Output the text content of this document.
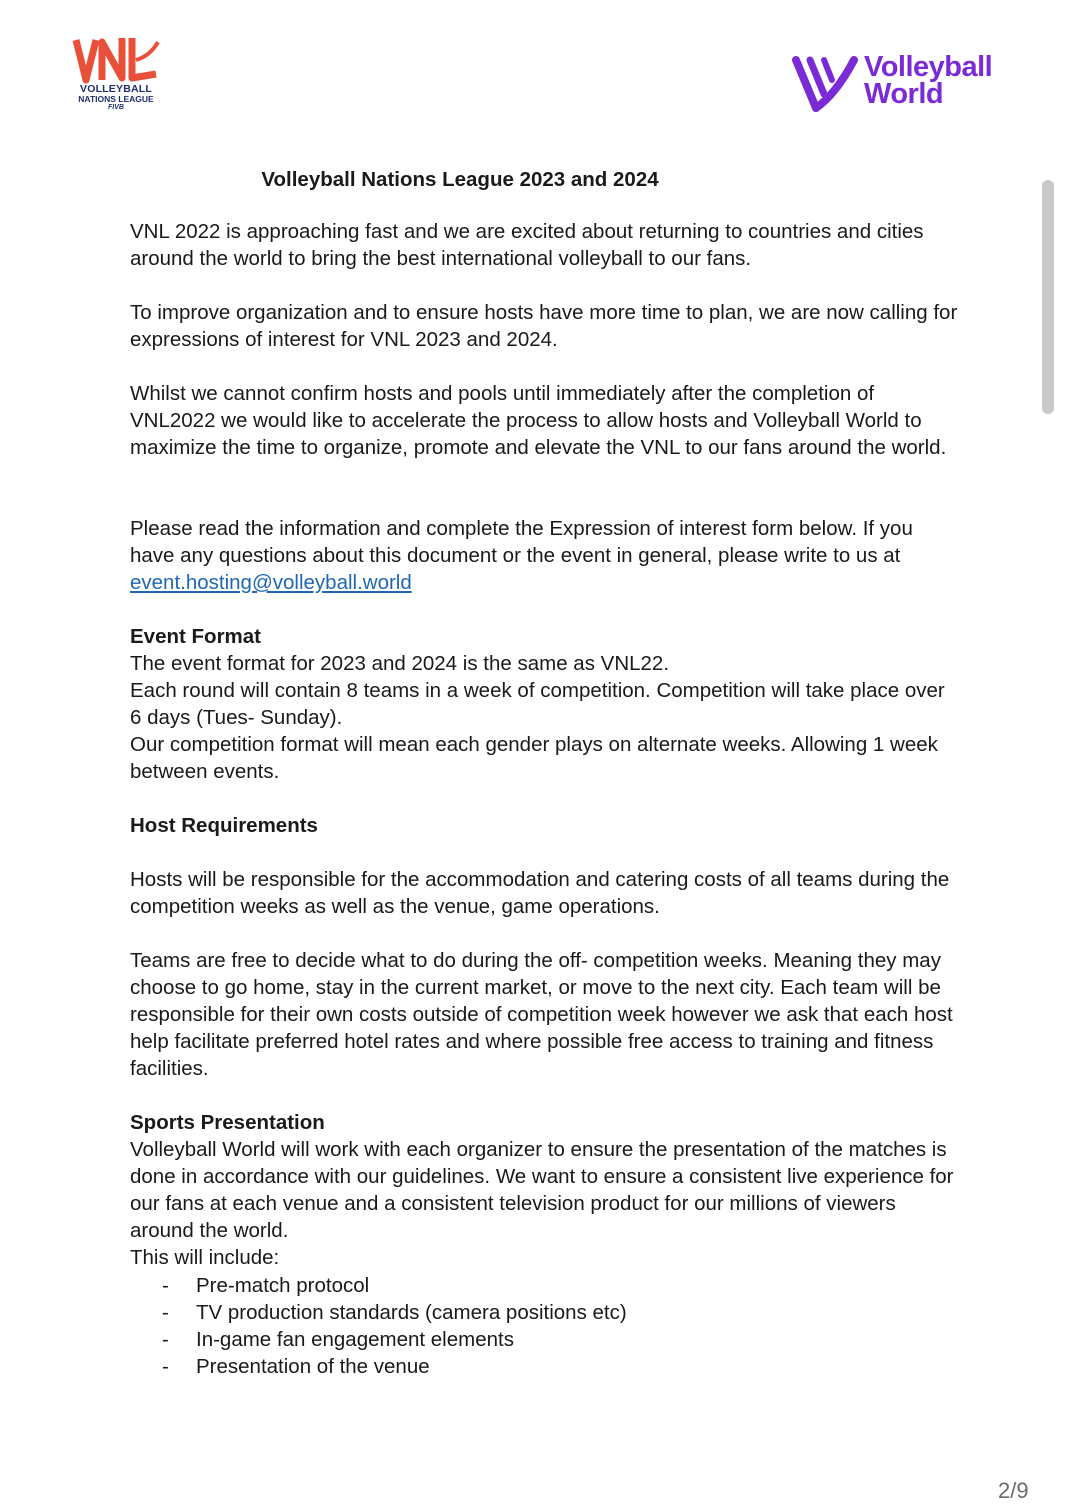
VOLLEYBALL
NATIONS LEAGUE
FIVB
Volleyball
World
Volleyball Nations League 2023 and 2024

VNL 2022 is approaching fast and we are excited about returning to countries and cities around the world to bring the best international volleyball to our fans.

To improve organization and to ensure hosts have more time to plan, we are now calling for expressions of interest for VNL 2023 and 2024.

Whilst we cannot confirm hosts and pools until immediately after the completion of VNL2022 we would like to accelerate the process to allow hosts and Volleyball World to maximize the time to organize, promote and elevate the VNL to our fans around the world.

Please read the information and complete the Expression of interest form below. If you have any questions about this document or the event in general, please write to us at event.hosting@volleyball.world

Event Format

The event format for 2023 and 2024 is the same as VNL22.

Each round will contain 8 teams in a week of competition. Competition will take place over 6 days (Tues- Sunday).

Our competition format will mean each gender plays on alternate weeks. Allowing 1 week between events.

Host Requirements

Hosts will be responsible for the accommodation and catering costs of all teams during the competition weeks as well as the venue, game operations.

Teams are free to decide what to do during the off- competition weeks. Meaning they may choose to go home, stay in the current market, or move to the next city. Each team will be responsible for their own costs outside of competition week however we ask that each host help facilitate preferred hotel rates and where possible free access to training and fitness facilities.

Sports Presentation

Volleyball World will work with each organizer to ensure the presentation of the matches is done in accordance with our guidelines. We want to ensure a consistent live experience for our fans at each venue and a consistent television product for our millions of viewers around the world.

This will include:

- Pre-match protocol
- TV production standards (camera positions etc)
- In-game fan engagement elements
- Presentation of the venue
2/9
